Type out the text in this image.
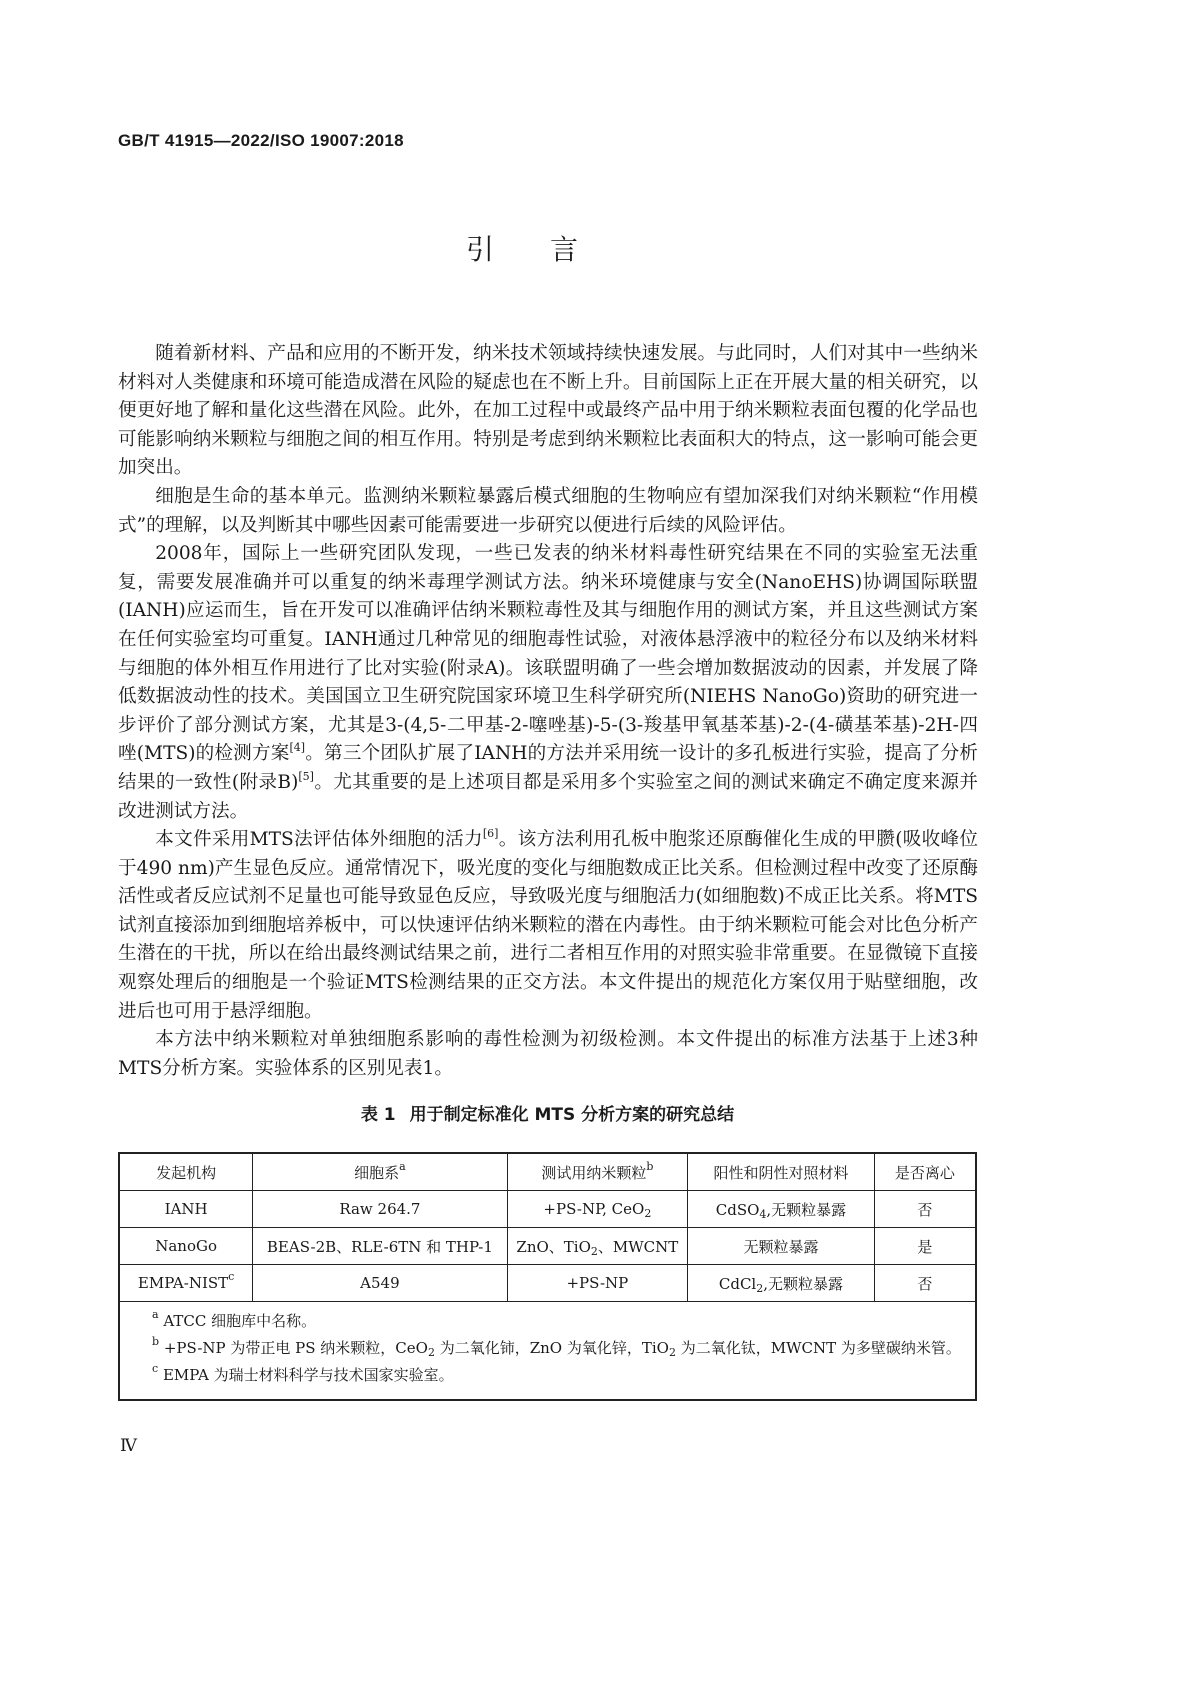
GB/T 41915—2022/ISO 19007:2018
引言

随着新材料、产品和应用的不断开发，纳米技术领域持续快速发展。与此同时，人们对其中一些纳米材料对人类健康和环境可能造成潜在风险的疑虑也在不断上升。目前国际上正在开展大量的相关研究，以便更好地了解和量化这些潜在风险。此外，在加工过程中或最终产品中用于纳米颗粒表面包覆的化学品也可能影响纳米颗粒与细胞之间的相互作用。特别是考虑到纳米颗粒比表面积大的特点，这一影响可能会更加突出。

细胞是生命的基本单元。监测纳米颗粒暴露后模式细胞的生物响应有望加深我们对纳米颗粒“作用模式”的理解，以及判断其中哪些因素可能需要进一步研究以便进行后续的风险评估。

2008年，国际上一些研究团队发现，一些已发表的纳米材料毒性研究结果在不同的实验室无法重复，需要发展准确并可以重复的纳米毒理学测试方法。纳米环境健康与安全(NanoEHS)协调国际联盟(IANH)应运而生，旨在开发可以准确评估纳米颗粒毒性及其与细胞作用的测试方案，并且这些测试方案在任何实验室均可重复。IANH通过几种常见的细胞毒性试验，对液体悬浮液中的粒径分布以及纳米材料与细胞的体外相互作用进行了比对实验(附录A)。该联盟明确了一些会增加数据波动的因素，并发展了降低数据波动性的技术。美国国立卫生研究院国家环境卫生科学研究所(NIEHS NanoGo)资助的研究进一步评价了部分测试方案，尤其是3-(4,5-二甲基-2-噻唑基)-5-(3-羧基甲氧基苯基)-2-(4-磺基苯基)-2H-四唑(MTS)的检测方案[4]。第三个团队扩展了IANH的方法并采用统一设计的多孔板进行实验，提高了分析结果的一致性(附录B)[5]。尤其重要的是上述项目都是采用多个实验室之间的测试来确定不确定度来源并改进测试方法。

本文件采用MTS法评估体外细胞的活力[6]。该方法利用孔板中胞浆还原酶催化生成的甲臜(吸收峰位于490 nm)产生显色反应。通常情况下，吸光度的变化与细胞数成正比关系。但检测过程中改变了还原酶活性或者反应试剂不足量也可能导致显色反应，导致吸光度与细胞活力(如细胞数)不成正比关系。将MTS试剂直接添加到细胞培养板中，可以快速评估纳米颗粒的潜在内毒性。由于纳米颗粒可能会对比色分析产生潜在的干扰，所以在给出最终测试结果之前，进行二者相互作用的对照实验非常重要。在显微镜下直接观察处理后的细胞是一个验证MTS检测结果的正交方法。本文件提出的规范化方案仅用于贴壁细胞，改进后也可用于悬浮细胞。

本方法中纳米颗粒对单独细胞系影响的毒性检测为初级检测。本文件提出的标准方法基于上述3种MTS分析方案。实验体系的区别见表1。

表 1 用于制定标准化 MTS 分析方案的研究总结
发起机构	细胞系$^a$	测试用纳米颗粒$^b$	阳性和阴性对照材料	是否离心
IANH	Raw 264.7	+PS-NP, CeO$_2$	CdSO$_4$,无颗粒暴露	否
NanoGo	BEAS-2B、RLE-6TN 和 THP-1	ZnO、TiO$_2$、MWCNT	无颗粒暴露	是
EMPA-NIST$^c$	A549	+PS-NP	CdCl$_2$,无颗粒暴露	否

$^a$ ATCC 细胞库中名称。
$^b$ +PS-NP 为带正电 PS 纳米颗粒，CeO$_2$ 为二氧化铈，ZnO 为氧化锌，TiO$_2$ 为二氧化钛，MWCNT 为多壁碳纳米管。
$^c$ EMPA 为瑞士材料科学与技术国家实验室。				
Ⅳ
